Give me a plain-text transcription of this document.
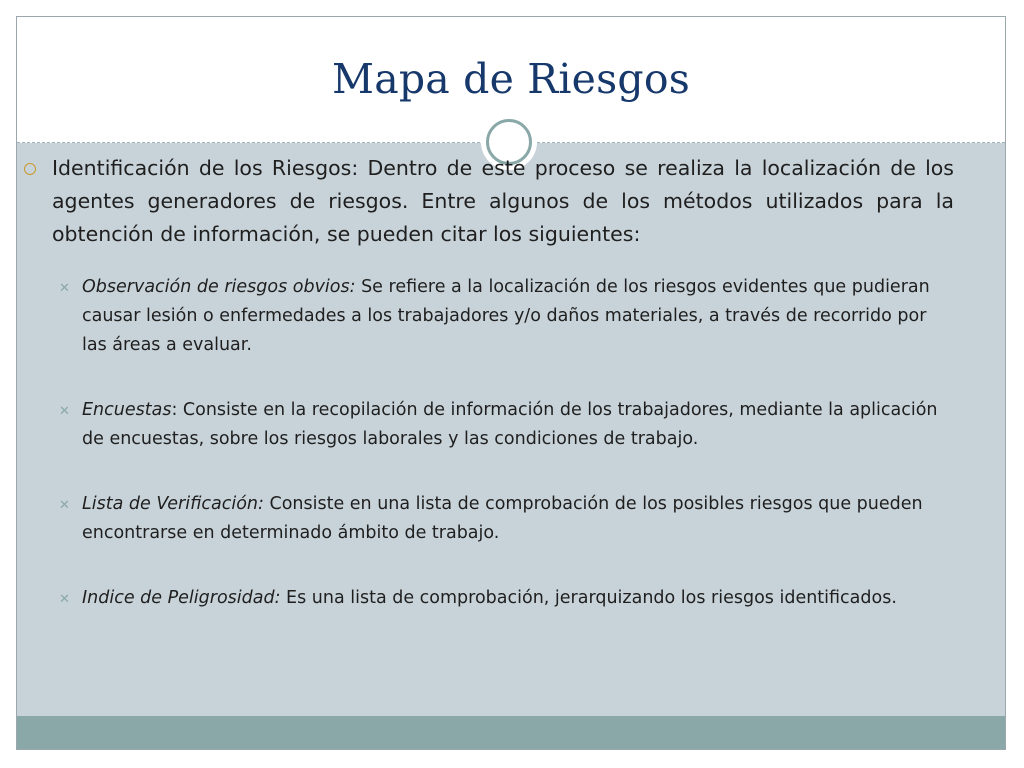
Mapa de Riesgos
Identificación de los Riesgos: Dentro de este proceso se realiza la localización de los agentes generadores de riesgos. Entre algunos de los métodos utilizados para la obtención de información, se pueden citar los siguientes:
✕ Observación de riesgos obvios: Se refiere a la localización de los riesgos evidentes que pudieran causar lesión o enfermedades a los trabajadores y/o daños materiales, a través de recorrido por las áreas a evaluar.
✕ Encuestas: Consiste en la recopilación de información de los trabajadores, mediante la aplicación de encuestas, sobre los riesgos laborales y las condiciones de trabajo.
✕ Lista de Verificación: Consiste en una lista de comprobación de los posibles riesgos que pueden encontrarse en determinado ámbito de trabajo.
✕ Indice de Peligrosidad: Es una lista de comprobación, jerarquizando los riesgos identificados.
